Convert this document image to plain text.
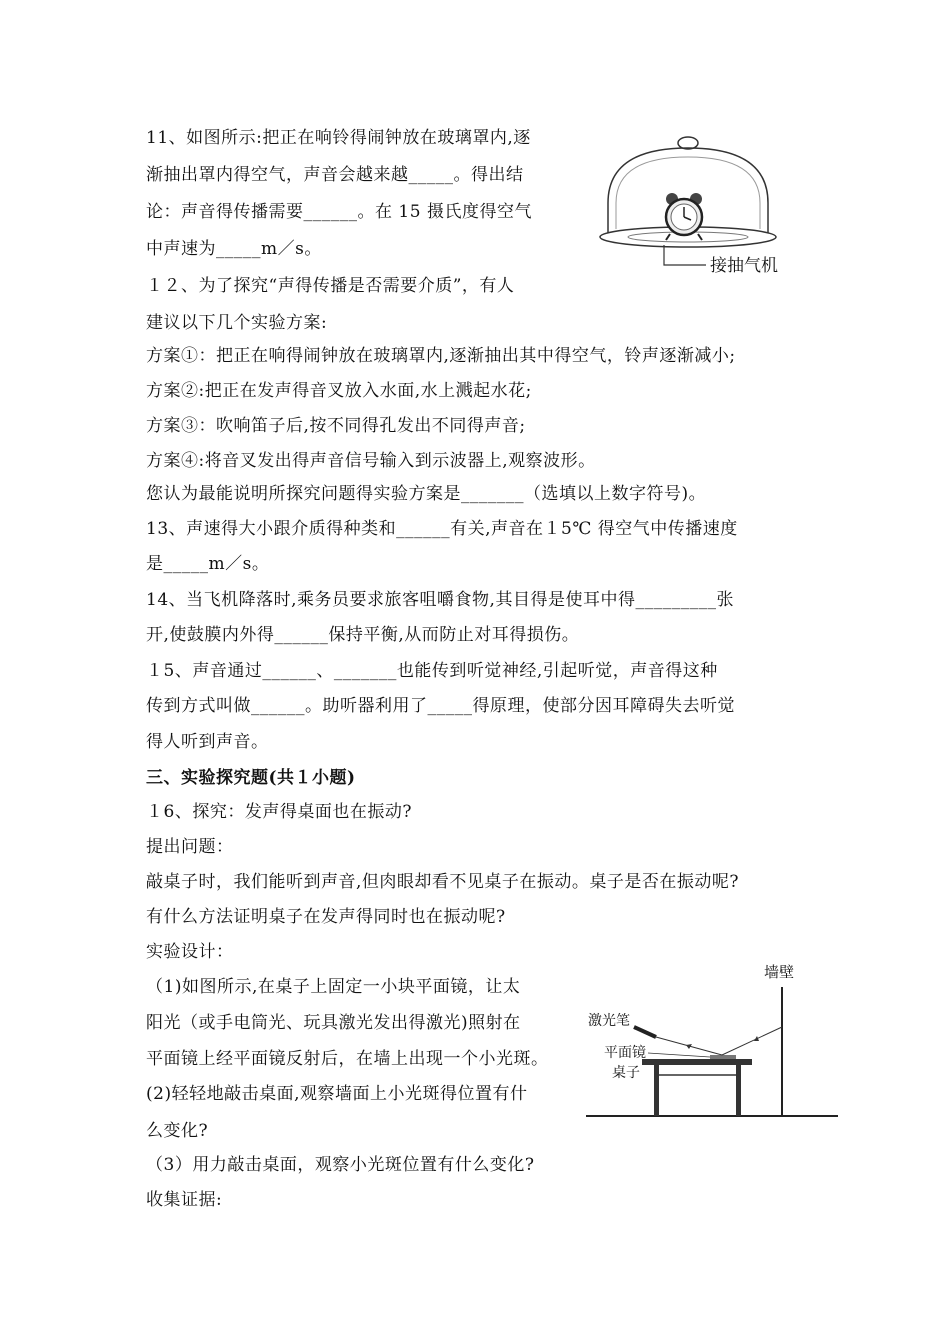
11、如图所示:把正在响铃得闹钟放在玻璃罩内,逐
渐抽出罩内得空气，声音会越来越_____。得出结
论：声音得传播需要______。在 15 摄氏度得空气
中声速为_____m／s。
１２、为了探究“声得传播是否需要介质”，有人
建议以下几个实验方案:
方案①：把正在响得闹钟放在玻璃罩内,逐渐抽出其中得空气，铃声逐渐减小;
方案②:把正在发声得音叉放入水面,水上溅起水花;
方案③：吹响笛子后,按不同得孔发出不同得声音;
方案④:将音叉发出得声音信号输入到示波器上,观察波形。
您认为最能说明所探究问题得实验方案是_______（选填以上数字符号)。
13、声速得大小跟介质得种类和______有关,声音在１5℃ 得空气中传播速度
是_____m／s。
14、当飞机降落时,乘务员要求旅客咀嚼食物,其目得是使耳中得_________张
开,使鼓膜内外得______保持平衡,从而防止对耳得损伤。
１5、声音通过______、_______也能传到听觉神经,引起听觉，声音得这种
传到方式叫做______。助听器利用了_____得原理，使部分因耳障碍失去听觉
得人听到声音。
三、实验探究题(共１小题)
１6、探究：发声得桌面也在振动?
提出问题：
敲桌子时，我们能听到声音,但肉眼却看不见桌子在振动。桌子是否在振动呢?
有什么方法证明桌子在发声得同时也在振动呢?
实验设计：
（1)如图所示,在桌子上固定一小块平面镜，让太
阳光（或手电筒光、玩具激光发出得激光)照射在
平面镜上经平面镜反射后，在墙上出现一个小光斑。
(2)轻轻地敲击桌面,观察墙面上小光斑得位置有什
么变化?
（3）用力敲击桌面，观察小光斑位置有什么变化?
收集证据:
接抽气机
墙壁
激光笔
平面镜
桌子
